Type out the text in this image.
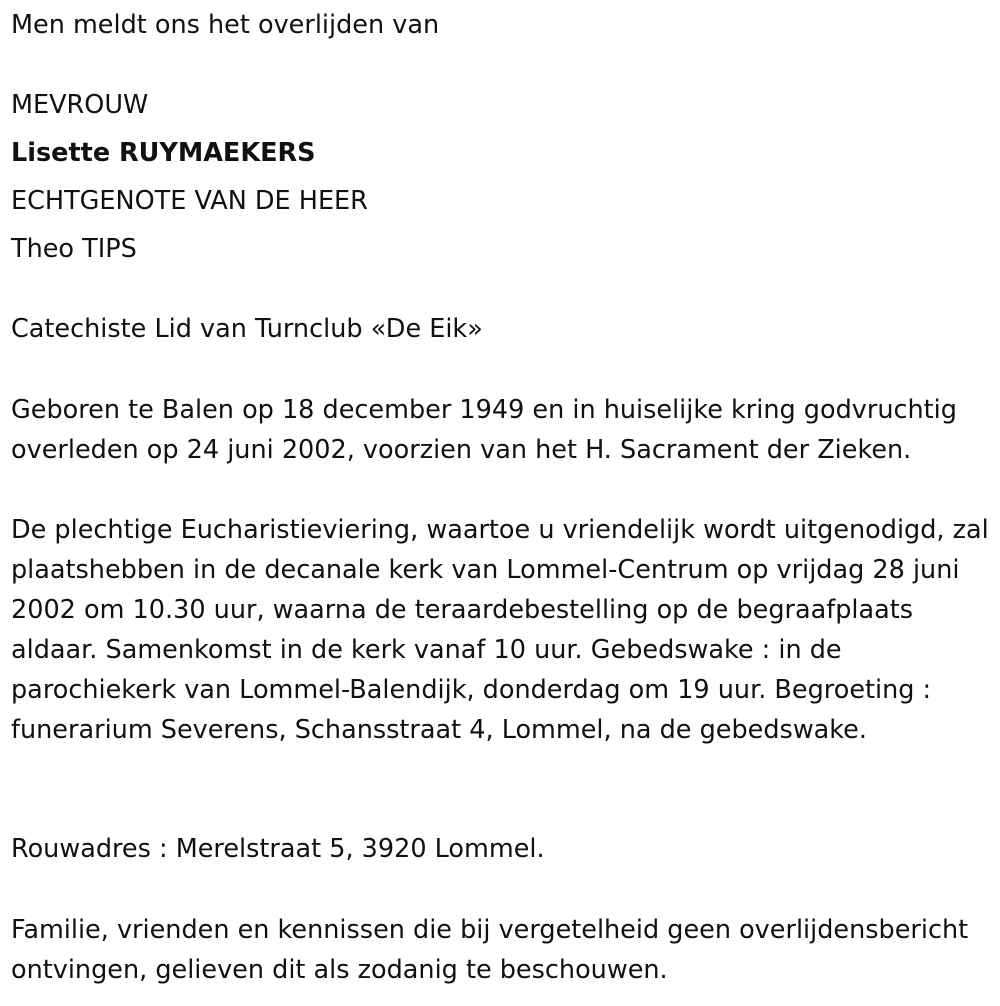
Men meldt ons het overlijden van
MEVROUW
Lisette RUYMAEKERS
ECHTGENOTE VAN DE HEER
Theo TIPS
Catechiste Lid van Turnclub «De Eik»

Geboren te Balen op 18 december 1949 en in huiselijke kring godvruchtig overleden op 24 juni 2002, voorzien van het H. Sacrament der Zieken.

De plechtige Eucharistieviering, waartoe u vriendelijk wordt uitgenodigd, zal plaatshebben in de decanale kerk van Lommel-Centrum op vrijdag 28 juni 2002 om 10.30 uur, waarna de teraardebestelling op de begraafplaats aldaar. Samenkomst in de kerk vanaf 10 uur. Gebedswake : in de parochiekerk van Lommel-Balendijk, donderdag om 19 uur. Begroeting : funerarium Severens, Schansstraat 4, Lommel, na de gebedswake.

Rouwadres : Merelstraat 5, 3920 Lommel.

Familie, vrienden en kennissen die bij vergetelheid geen overlijdensbericht ontvingen, gelieven dit als zodanig te beschouwen.
